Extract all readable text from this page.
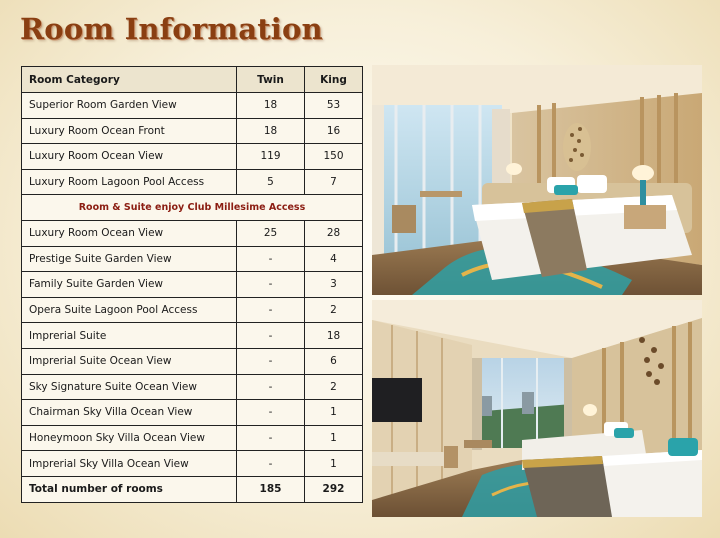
Room Information
Room Category	Twin	King
Superior Room Garden View	18	53
Luxury Room Ocean Front	18	16
Luxury Room Ocean View	119	150
Luxury Room Lagoon Pool Access	5	7
Room & Suite enjoy Club Millesime Access		
Luxury Room Ocean View	25	28
Prestige Suite Garden View	-	4
Family Suite Garden View	-	3
Opera Suite Lagoon Pool Access	-	2
Imprerial Suite	-	18
Imprerial Suite Ocean View	-	6
Sky Signature Suite Ocean View	-	2
Chairman Sky Villa Ocean View	-	1
Honeymoon Sky Villa Ocean View	-	1
Imprerial Sky Villa Ocean View	-	1
Total number of rooms	185	292
